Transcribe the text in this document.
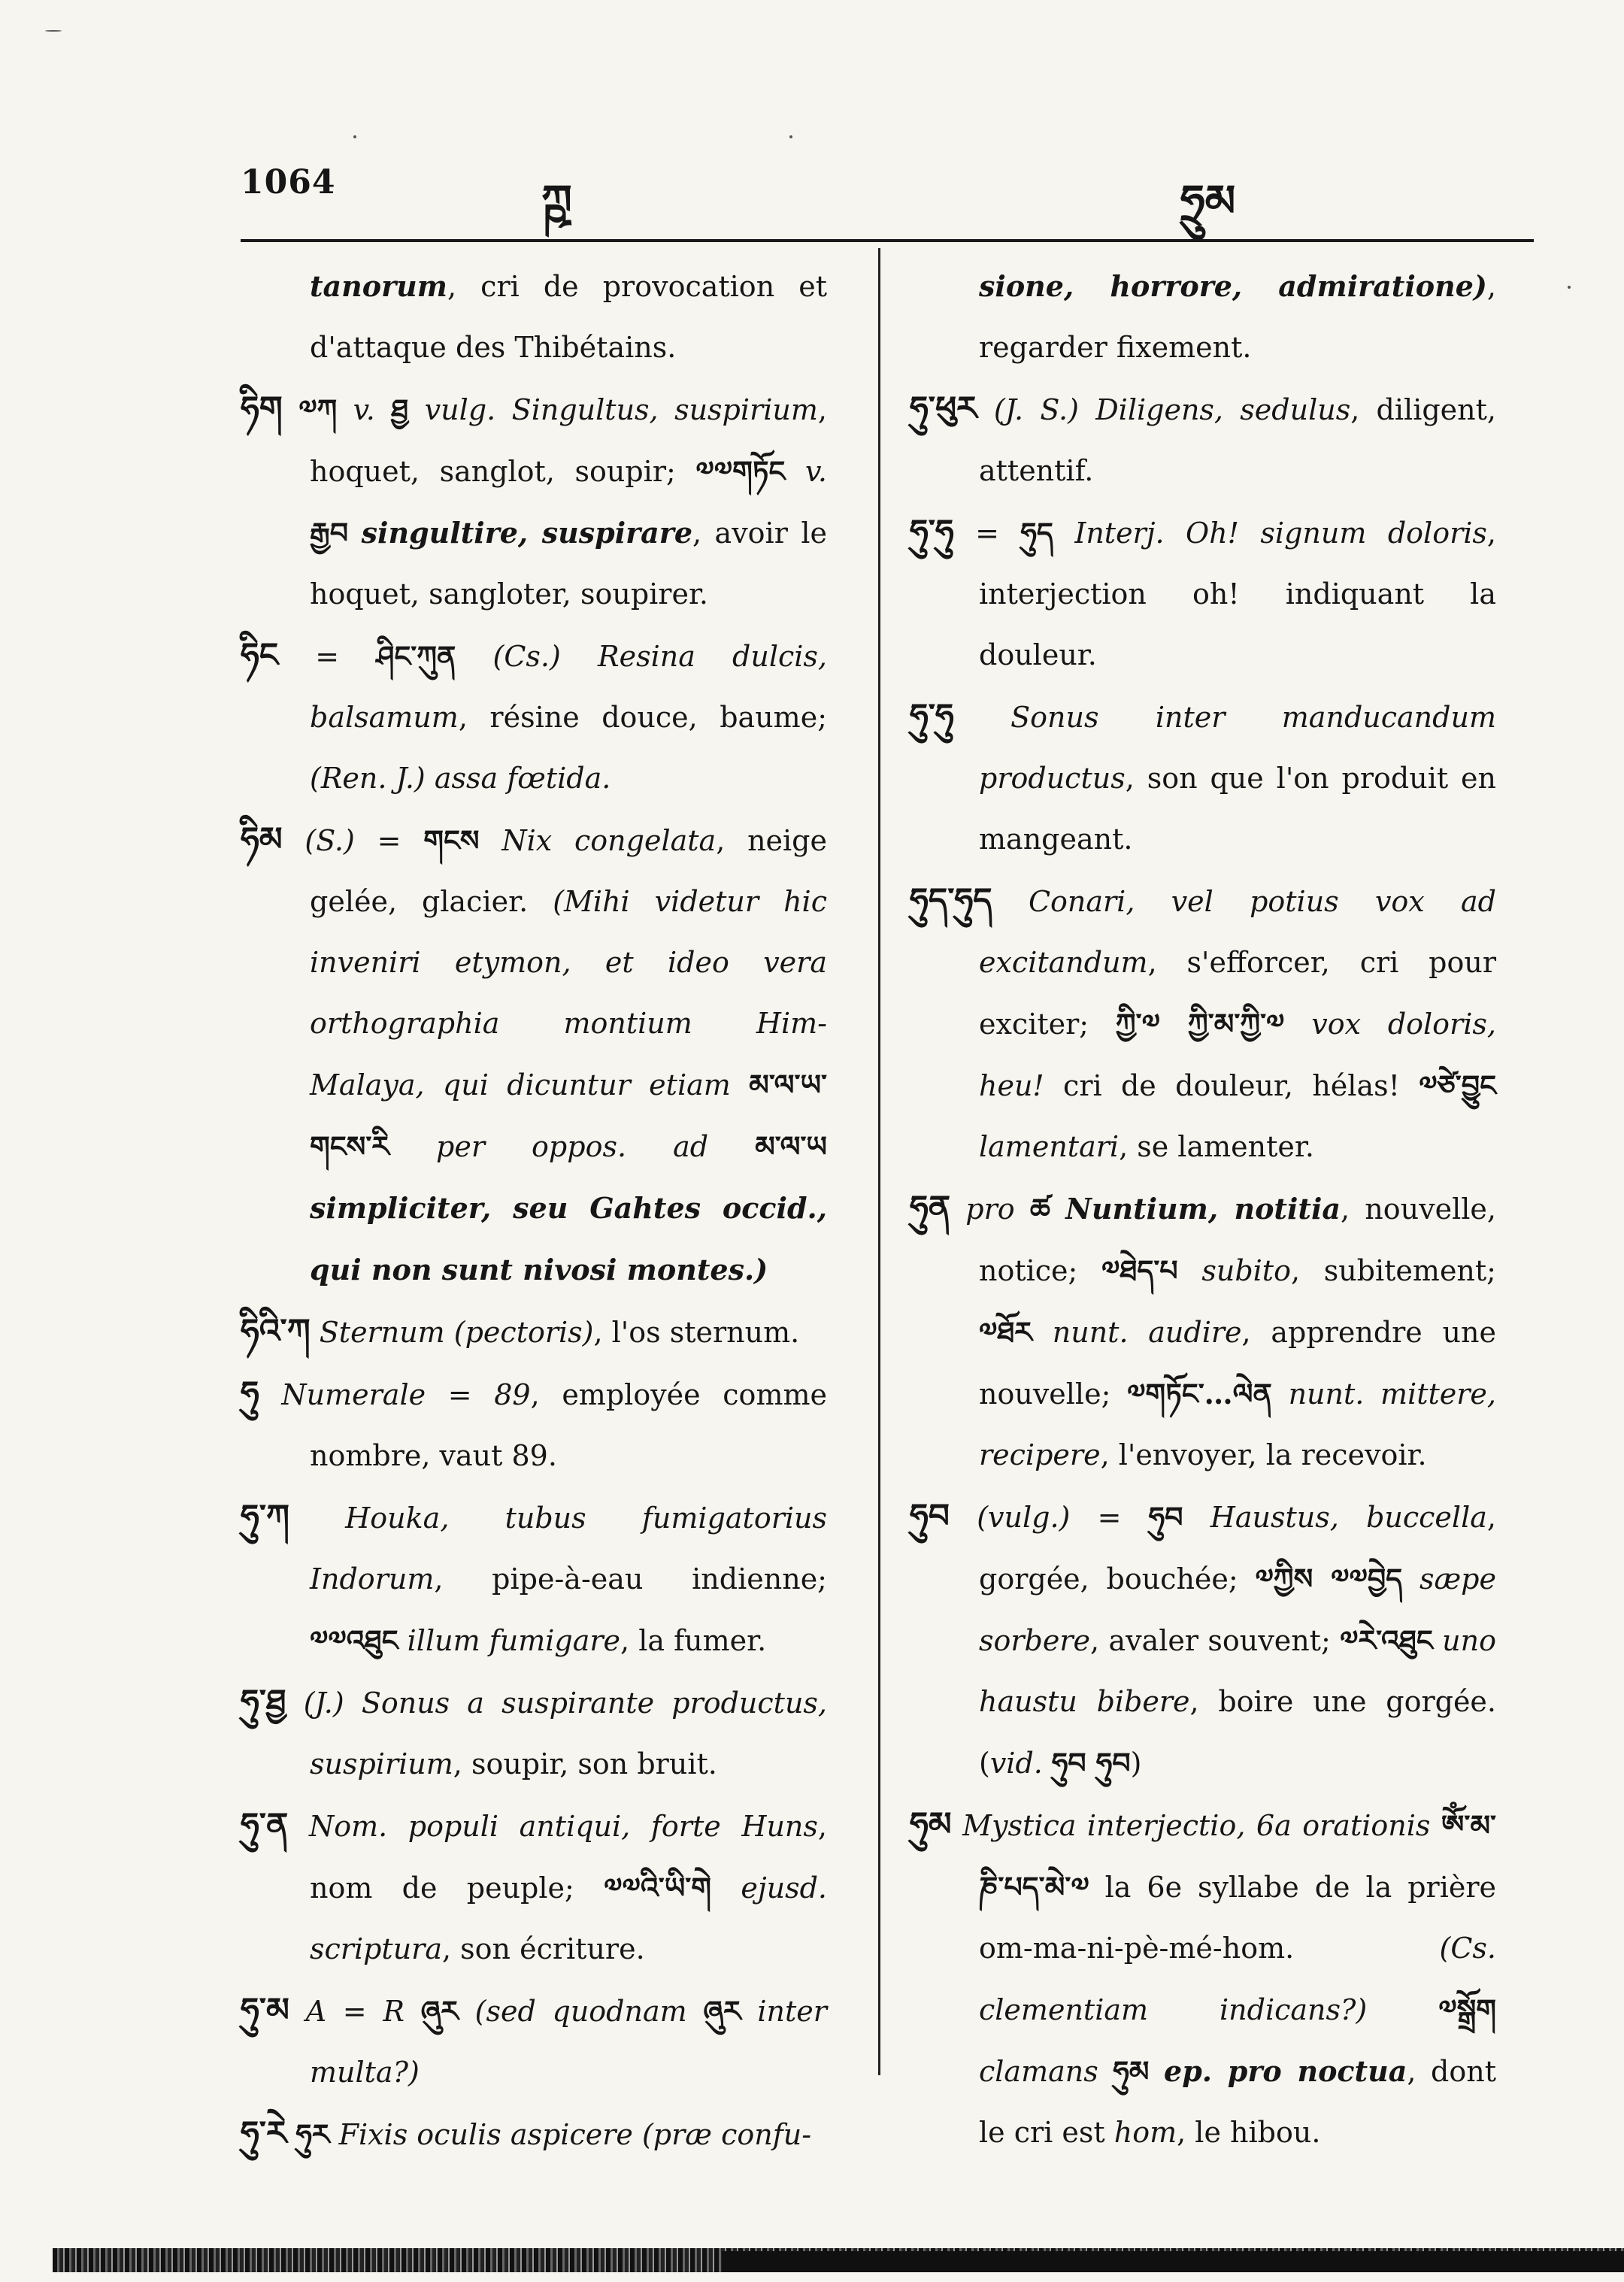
1064	ཀྵ	ཧྲུམ

tanorum, cri de provocation et d'attaque des Thibétains.

ཧིག ༧ཀ v. ཐྱ vulg. Singultus, suspirium, hoquet, sanglot, soupir; ༧༧གཏོང v. རྒྱབ singultire, suspirare, avoir le hoquet, sangloter, soupirer.

ཧིང = ཤིང་ཀུན (Cs.) Resina dulcis, balsamum, résine douce, baume; (Ren. J.) assa fœtida.

ཧིམ (S.) = གངས Nix congelata, neige gelée, glacier. (Mihi videtur hic inveniri etymon, et ideo vera orthographia montium Him-Malaya, qui dicuntur etiam མ་ལ་ཡ་གངས་རི per oppos. ad མ་ལ་ཡ simpliciter, seu Gahtes occid., qui non sunt nivosi montes.)

ཧིའི་ཀ Sternum (pectoris), l'os sternum.

ཧུ Numerale = 89, employée comme nombre, vaut 89.

ཧུ་ཀ Houka, tubus fumigatorius Indorum, pipe-à-eau indienne; ༧༧འཐུང illum fumigare, la fumer.

ཧུ་ཐྱ (J.) Sonus a suspirante productus, suspirium, soupir, son bruit.

ཧུ་ན Nom. populi antiqui, forte Huns, nom de peuple; ༧༧འི་ཡི་གེ ejusd. scriptura, son écriture.

ཧུ་མ A = R ཞུར (sed quodnam ཞུར inter multa?)

ཧུ་རེ ཧུར Fixis oculis aspicere (præ confu-

sione, horrore, admiratione), regarder fixement.

ཧུ་ཕུར (J. S.) Diligens, sedulus, diligent, attentif.

ཧུ་ཧུ = ཧུད Interj. Oh! signum doloris, interjection oh! indiquant la douleur.

ཧུ་ཧུ Sonus inter manducandum productus, son que l'on produit en mangeant.

ཧུད་ཧུད Conari, vel potius vox ad excitandum, s'efforcer, cri pour exciter; ཀྱི་༧ ཀྱི་མ་ཀྱི་༧ vox doloris, heu! cri de douleur, hélas! ༧ཙེ་བྱུང lamentari, se lamenter.

ཧུན pro ཚ Nuntium, notitia, nouvelle, notice; ༧ཐེད་པ subito, subitement; ༧ཐོར nunt. audire, apprendre une nouvelle; ༧གཏོང་…ལེན nunt. mittere, recipere, l'envoyer, la recevoir.

ཧུབ (vulg.) = ཧུབ Haustus, buccella, gorgée, bouchée; ༧ཀྱིས ༧༧བྱེད sæpe sorbere, avaler souvent; ༧རེ་འཐུང uno haustu bibere, boire une gorgée. (vid. ཧུབ ཧུབ)

ཧུམ Mystica interjectio, 6a orationis ཨོཾ་མ་ཎི་པད་མེ་༧ la 6e syllabe de la prière om-ma-ni-pè-mé-hom. (Cs. clementiam indicans?)	༧སྒྲོག clamans ཧུམ ep. pro noctua, dont le cri est hom, le hibou.
